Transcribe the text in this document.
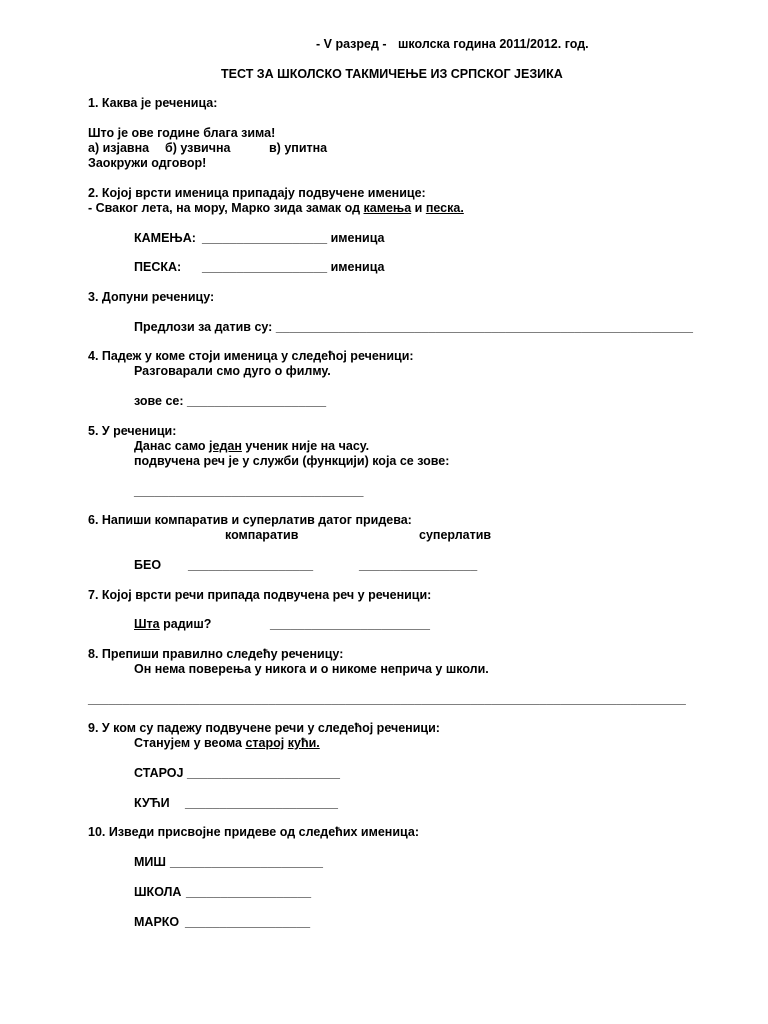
- V разред - школска година 2011/2012. год.
ТЕСТ ЗА ШКОЛСКО ТАКМИЧЕЊЕ ИЗ СРПСКОГ ЈЕЗИКА
1. Каква је реченица:
Што је ове године блага зима!
а) изјавна б) узвична	в) упитна
Заокружи одговор!
2. Којој врсти именица припадају подвучене именице:
- Сваког лета, на мору, Марко зида замак од камења и песка.
КАМЕЊА: __________________ именица
ПЕСКА: __________________ именица
3. Допуни реченицу:
Предлози за датив су: ____________________________________________________________
4. Падеж у коме стоји именица у следећој реченици:
Разговарали смо дуго о филму.
зове се: ____________________
5. У реченици:
Данас само један ученик није на часу.
подвучена реч је у служби (функцији) која се зове:
_________________________________
6. Напиши компаратив и суперлатив датог придева:
компаратив	суперлатив
БЕО __________________	_________________
7. Којој врсти речи припада подвучена реч у реченици:
Шта радиш?	_______________________
8. Препиши правилно следећу реченицу:
Он нема поверења у никога и о никоме неприча у школи.
______________________________________________________________________________________
9. У ком су падежу подвучене речи у следећој реченици:
Станујем у веома старој кући.
СТАРОЈ ______________________
КУЋИ ______________________
10. Изведи присвојне придеве од следећих именица:
МИШ ______________________
ШКОЛА __________________
МАРКО __________________
